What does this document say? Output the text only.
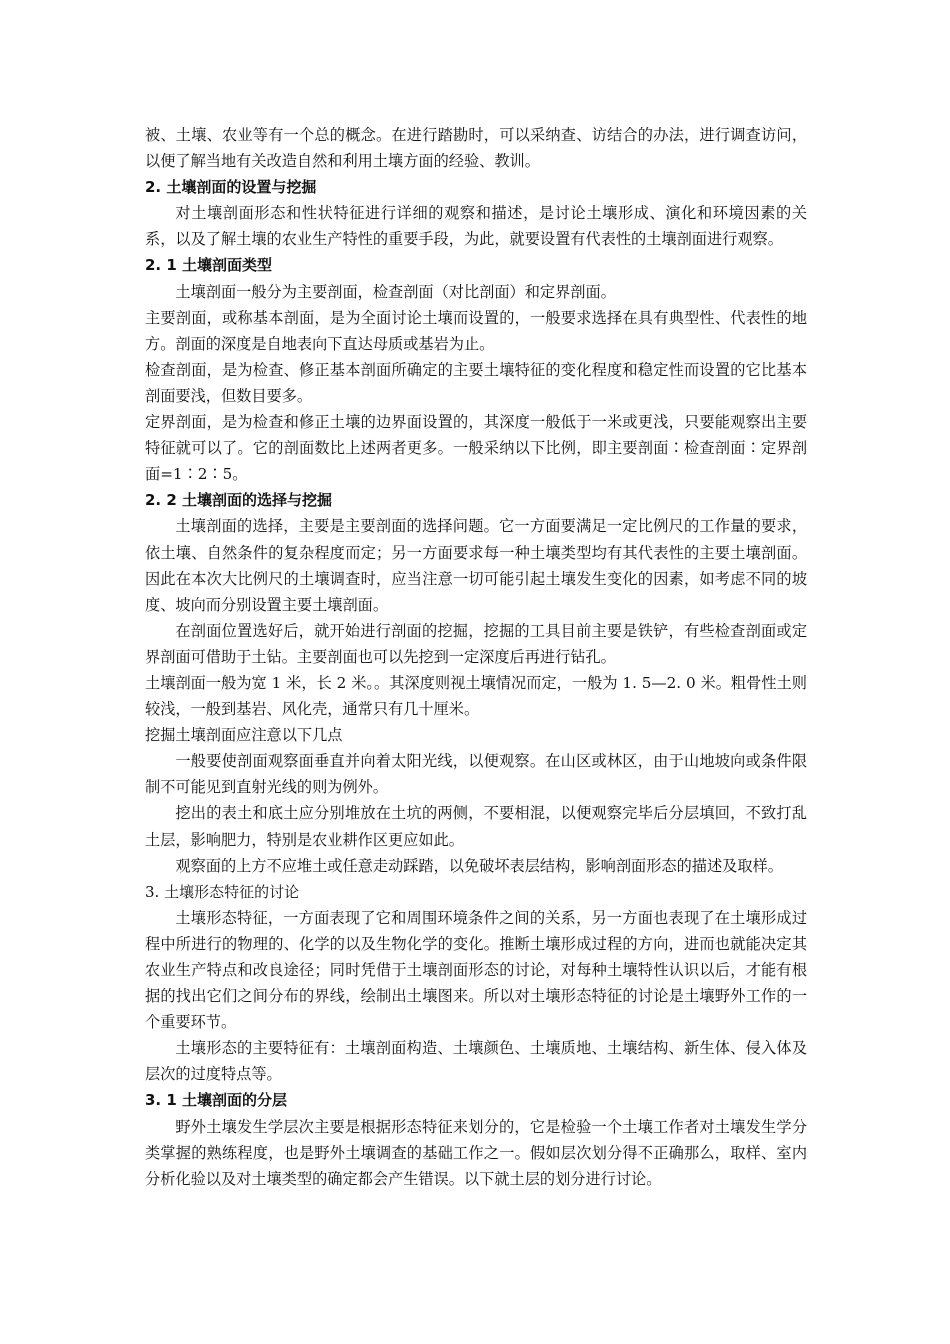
被、土壤、农业等有一个总的概念。在进行踏勘时，可以采纳查、访结合的办法，进行调查访问，以便了解当地有关改造自然和利用土壤方面的经验、教训。

2. 土壤剖面的设置与挖掘

对土壤剖面形态和性状特征进行详细的观察和描述，是讨论土壤形成、演化和环境因素的关系，以及了解土壤的农业生产特性的重要手段，为此，就要设置有代表性的土壤剖面进行观察。

2. 1 土壤剖面类型

土壤剖面一般分为主要剖面，检查剖面（对比剖面）和定界剖面。

主要剖面，或称基本剖面，是为全面讨论土壤而设置的，一般要求选择在具有典型性、代表性的地方。剖面的深度是自地表向下直达母质或基岩为止。

检查剖面，是为检查、修正基本剖面所确定的主要土壤特征的变化程度和稳定性而设置的它比基本剖面要浅，但数目要多。

定界剖面，是为检查和修正土壤的边界面设置的，其深度一般低于一米或更浅，只要能观察出主要特征就可以了。它的剖面数比上述两者更多。一般采纳以下比例，即主要剖面∶检查剖面∶定界剖面=1∶2∶5。

2. 2 土壤剖面的选择与挖掘

土壤剖面的选择，主要是主要剖面的选择问题。它一方面要满足一定比例尺的工作量的要求，依土壤、自然条件的复杂程度而定；另一方面要求每一种土壤类型均有其代表性的主要土壤剖面。因此在本次大比例尺的土壤调查时，应当注意一切可能引起土壤发生变化的因素，如考虑不同的坡度、坡向而分别设置主要土壤剖面。

在剖面位置选好后，就开始进行剖面的挖掘，挖掘的工具目前主要是铁铲，有些检查剖面或定界剖面可借助于土钻。主要剖面也可以先挖到一定深度后再进行钻孔。

土壤剖面一般为宽 1 米，长 2 米。。其深度则视土壤情况而定，一般为 1. 5—2. 0 米。粗骨性土则较浅，一般到基岩、风化壳，通常只有几十厘米。

挖掘土壤剖面应注意以下几点

一般要使剖面观察面垂直并向着太阳光线，以便观察。在山区或林区，由于山地坡向或条件限制不可能见到直射光线的则为例外。

挖出的表土和底土应分别堆放在土坑的两侧，不要相混，以便观察完毕后分层填回，不致打乱土层，影响肥力，特别是农业耕作区更应如此。

观察面的上方不应堆土或任意走动踩踏，以免破坏表层结构，影响剖面形态的描述及取样。

3. 土壤形态特征的讨论

土壤形态特征，一方面表现了它和周围环境条件之间的关系，另一方面也表现了在土壤形成过程中所进行的物理的、化学的以及生物化学的变化。推断土壤形成过程的方向，进而也就能决定其农业生产特点和改良途径；同时凭借于土壤剖面形态的讨论，对每种土壤特性认识以后，才能有根据的找出它们之间分布的界线，绘制出土壤图来。所以对土壤形态特征的讨论是土壤野外工作的一个重要环节。

土壤形态的主要特征有：土壤剖面构造、土壤颜色、土壤质地、土壤结构、新生体、侵入体及层次的过度特点等。

3. 1 土壤剖面的分层

野外土壤发生学层次主要是根据形态特征来划分的，它是检验一个土壤工作者对土壤发生学分类掌握的熟练程度，也是野外土壤调查的基础工作之一。假如层次划分得不正确那么，取样、室内分析化验以及对土壤类型的确定都会产生错误。以下就土层的划分进行讨论。
